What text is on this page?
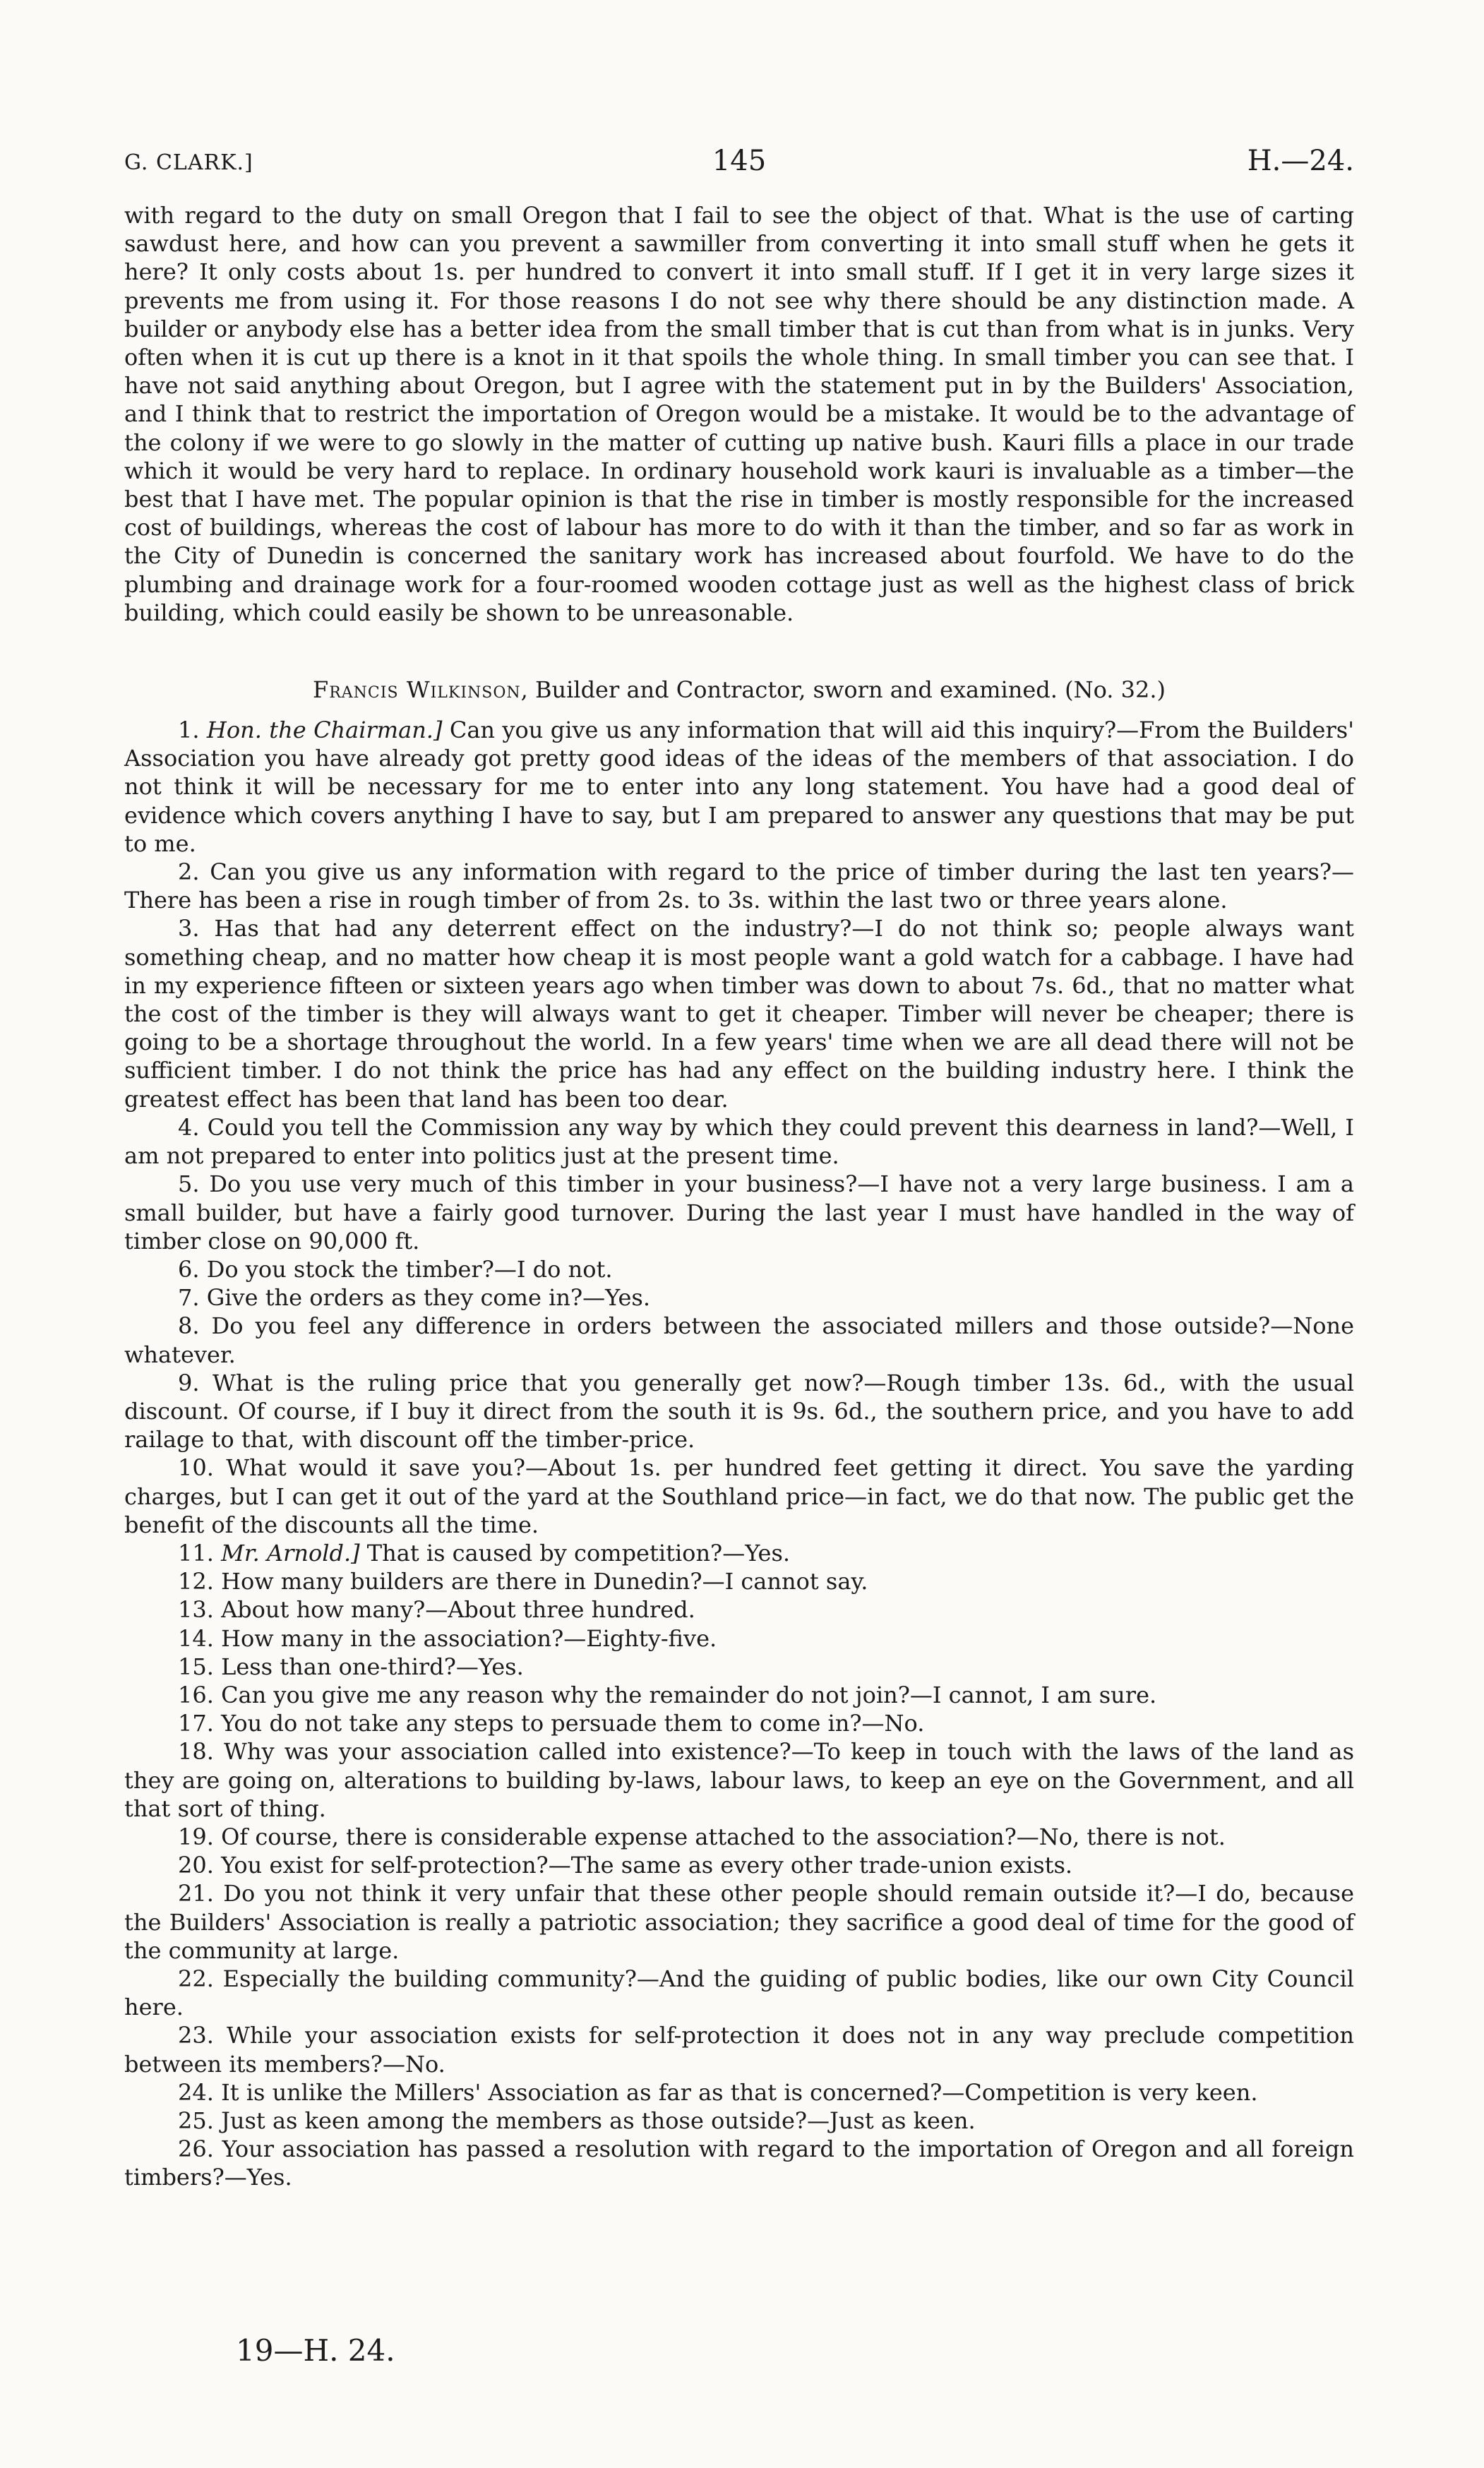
G. CLARK.]	145	H.—24.

with regard to the duty on small Oregon that I fail to see the object of that. What is the use of carting sawdust here, and how can you prevent a sawmiller from converting it into small stuff when he gets it here? It only costs about 1s. per hundred to convert it into small stuff. If I get it in very large sizes it prevents me from using it. For those reasons I do not see why there should be any distinction made. A builder or anybody else has a better idea from the small timber that is cut than from what is in junks. Very often when it is cut up there is a knot in it that spoils the whole thing. In small timber you can see that. I have not said anything about Oregon, but I agree with the statement put in by the Builders' Association, and I think that to restrict the importation of Oregon would be a mistake. It would be to the advantage of the colony if we were to go slowly in the matter of cutting up native bush. Kauri fills a place in our trade which it would be very hard to replace. In ordinary household work kauri is invaluable as a timber—the best that I have met. The popular opinion is that the rise in timber is mostly responsible for the increased cost of buildings, whereas the cost of labour has more to do with it than the timber, and so far as work in the City of Dunedin is concerned the sanitary work has increased about fourfold. We have to do the plumbing and drainage work for a four-roomed wooden cottage just as well as the highest class of brick building, which could easily be shown to be unreasonable.

Francis Wilkinson, Builder and Contractor, sworn and examined. (No. 32.)

1. Hon. the Chairman.] Can you give us any information that will aid this inquiry?—From the Builders' Association you have already got pretty good ideas of the ideas of the members of that association. I do not think it will be necessary for me to enter into any long statement. You have had a good deal of evidence which covers anything I have to say, but I am prepared to answer any questions that may be put to me.

2. Can you give us any information with regard to the price of timber during the last ten years?—There has been a rise in rough timber of from 2s. to 3s. within the last two or three years alone.

3. Has that had any deterrent effect on the industry?—I do not think so; people always want something cheap, and no matter how cheap it is most people want a gold watch for a cabbage. I have had in my experience fifteen or sixteen years ago when timber was down to about 7s. 6d., that no matter what the cost of the timber is they will always want to get it cheaper. Timber will never be cheaper; there is going to be a shortage throughout the world. In a few years' time when we are all dead there will not be sufficient timber. I do not think the price has had any effect on the building industry here. I think the greatest effect has been that land has been too dear.

4. Could you tell the Commission any way by which they could prevent this dearness in land?—Well, I am not prepared to enter into politics just at the present time.

5. Do you use very much of this timber in your business?—I have not a very large business. I am a small builder, but have a fairly good turnover. During the last year I must have handled in the way of timber close on 90,000 ft.

6. Do you stock the timber?—I do not.

7. Give the orders as they come in?—Yes.

8. Do you feel any difference in orders between the associated millers and those outside?—None whatever.

9. What is the ruling price that you generally get now?—Rough timber 13s. 6d., with the usual discount. Of course, if I buy it direct from the south it is 9s. 6d., the southern price, and you have to add railage to that, with discount off the timber-price.

10. What would it save you?—About 1s. per hundred feet getting it direct. You save the yarding charges, but I can get it out of the yard at the Southland price—in fact, we do that now. The public get the benefit of the discounts all the time.

11. Mr. Arnold.] That is caused by competition?—Yes.

12. How many builders are there in Dunedin?—I cannot say.

13. About how many?—About three hundred.

14. How many in the association?—Eighty-five.

15. Less than one-third?—Yes.

16. Can you give me any reason why the remainder do not join?—I cannot, I am sure.

17. You do not take any steps to persuade them to come in?—No.

18. Why was your association called into existence?—To keep in touch with the laws of the land as they are going on, alterations to building by-laws, labour laws, to keep an eye on the Government, and all that sort of thing.

19. Of course, there is considerable expense attached to the association?—No, there is not.

20. You exist for self-protection?—The same as every other trade-union exists.

21. Do you not think it very unfair that these other people should remain outside it?—I do, because the Builders' Association is really a patriotic association; they sacrifice a good deal of time for the good of the community at large.

22. Especially the building community?—And the guiding of public bodies, like our own City Council here.

23. While your association exists for self-protection it does not in any way preclude competition between its members?—No.

24. It is unlike the Millers' Association as far as that is concerned?—Competition is very keen.

25. Just as keen among the members as those outside?—Just as keen.

26. Your association has passed a resolution with regard to the importation of Oregon and all foreign timbers?—Yes.

19—H. 24.
